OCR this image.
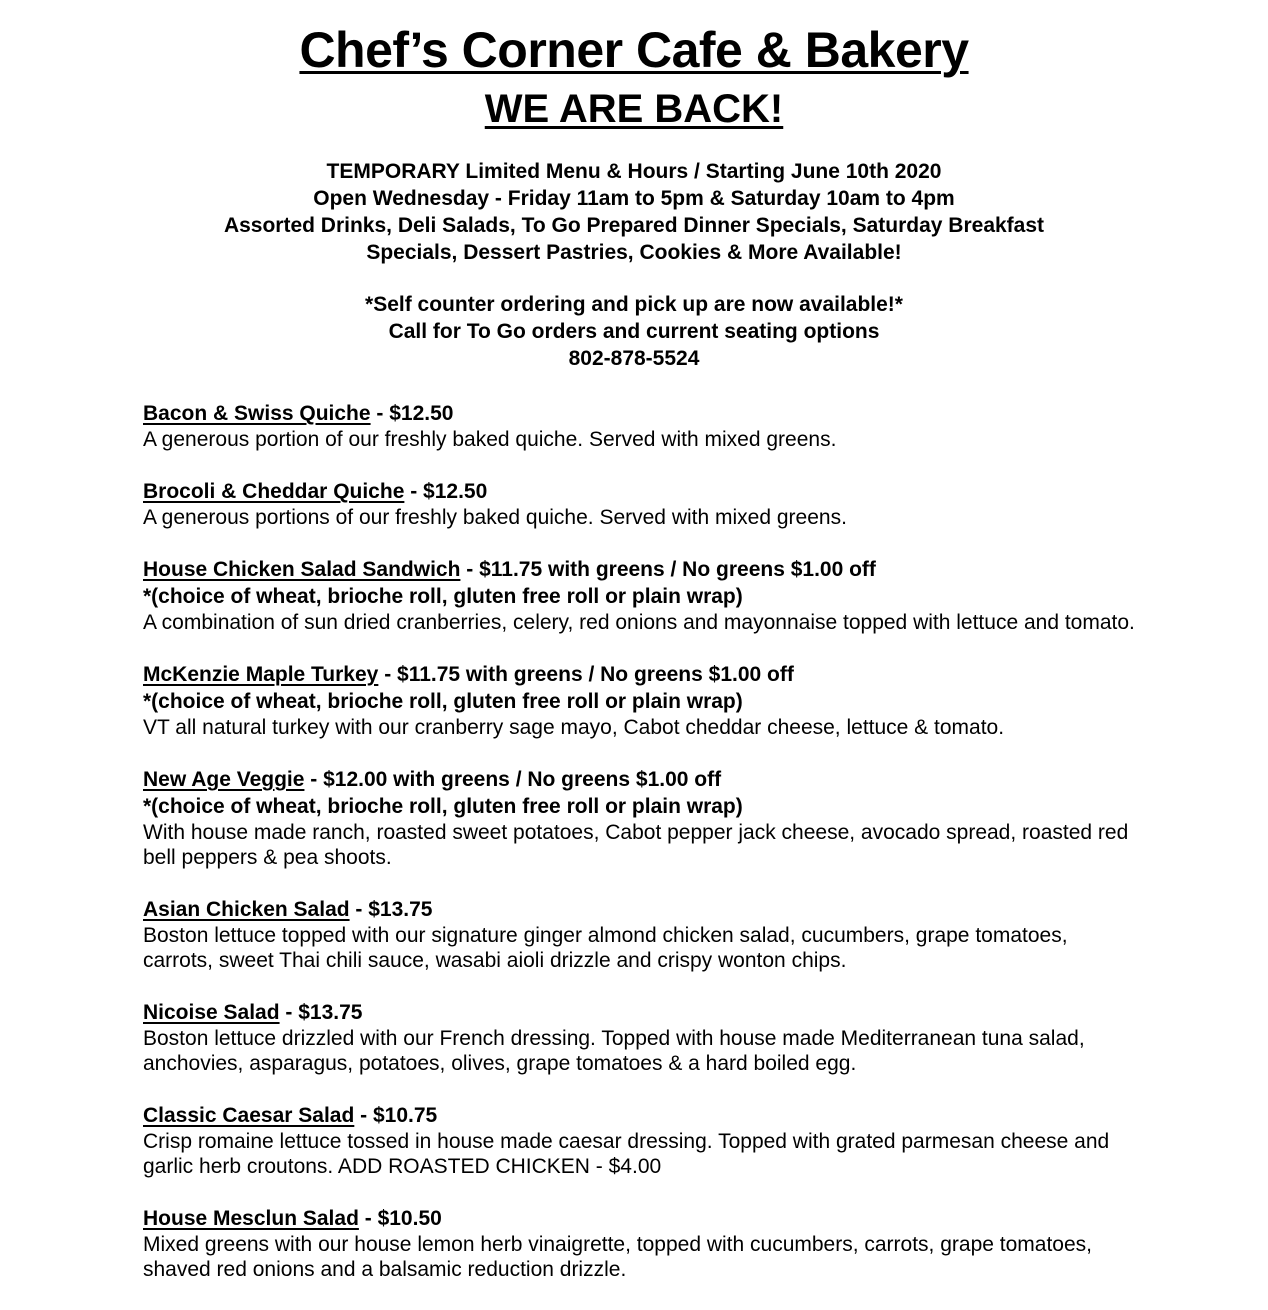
Chef’s Corner Cafe & Bakery
WE ARE BACK!
TEMPORARY Limited Menu & Hours / Starting June 10th 2020
Open Wednesday - Friday 11am to 5pm & Saturday 10am to 4pm
Assorted Drinks, Deli Salads, To Go Prepared Dinner Specials, Saturday Breakfast
Specials, Dessert Pastries, Cookies & More Available!
*Self counter ordering and pick up are now available!*
Call for To Go orders and current seating options
802-878-5524
Bacon & Swiss Quiche - $12.50
A generous portion of our freshly baked quiche. Served with mixed greens.
Brocoli & Cheddar Quiche - $12.50
A generous portions of our freshly baked quiche. Served with mixed greens.
House Chicken Salad Sandwich - $11.75 with greens / No greens $1.00 off
*(choice of wheat, brioche roll, gluten free roll or plain wrap)
A combination of sun dried cranberries, celery, red onions and mayonnaise topped with lettuce and tomato.
McKenzie Maple Turkey - $11.75 with greens / No greens $1.00 off
*(choice of wheat, brioche roll, gluten free roll or plain wrap)
VT all natural turkey with our cranberry sage mayo, Cabot cheddar cheese, lettuce & tomato.
New Age Veggie - $12.00 with greens / No greens $1.00 off
*(choice of wheat, brioche roll, gluten free roll or plain wrap)
With house made ranch, roasted sweet potatoes, Cabot pepper jack cheese, avocado spread, roasted red bell peppers & pea shoots.
Asian Chicken Salad - $13.75
Boston lettuce topped with our signature ginger almond chicken salad, cucumbers, grape tomatoes, carrots, sweet Thai chili sauce, wasabi aioli drizzle and crispy wonton chips.
Nicoise Salad - $13.75
Boston lettuce drizzled with our French dressing. Topped with house made Mediterranean tuna salad, anchovies, asparagus, potatoes, olives, grape tomatoes & a hard boiled egg.
Classic Caesar Salad - $10.75
Crisp romaine lettuce tossed in house made caesar dressing. Topped with grated parmesan cheese and garlic herb croutons. ADD ROASTED CHICKEN - $4.00
House Mesclun Salad - $10.50
Mixed greens with our house lemon herb vinaigrette, topped with cucumbers, carrots, grape tomatoes, shaved red onions and a balsamic reduction drizzle.
